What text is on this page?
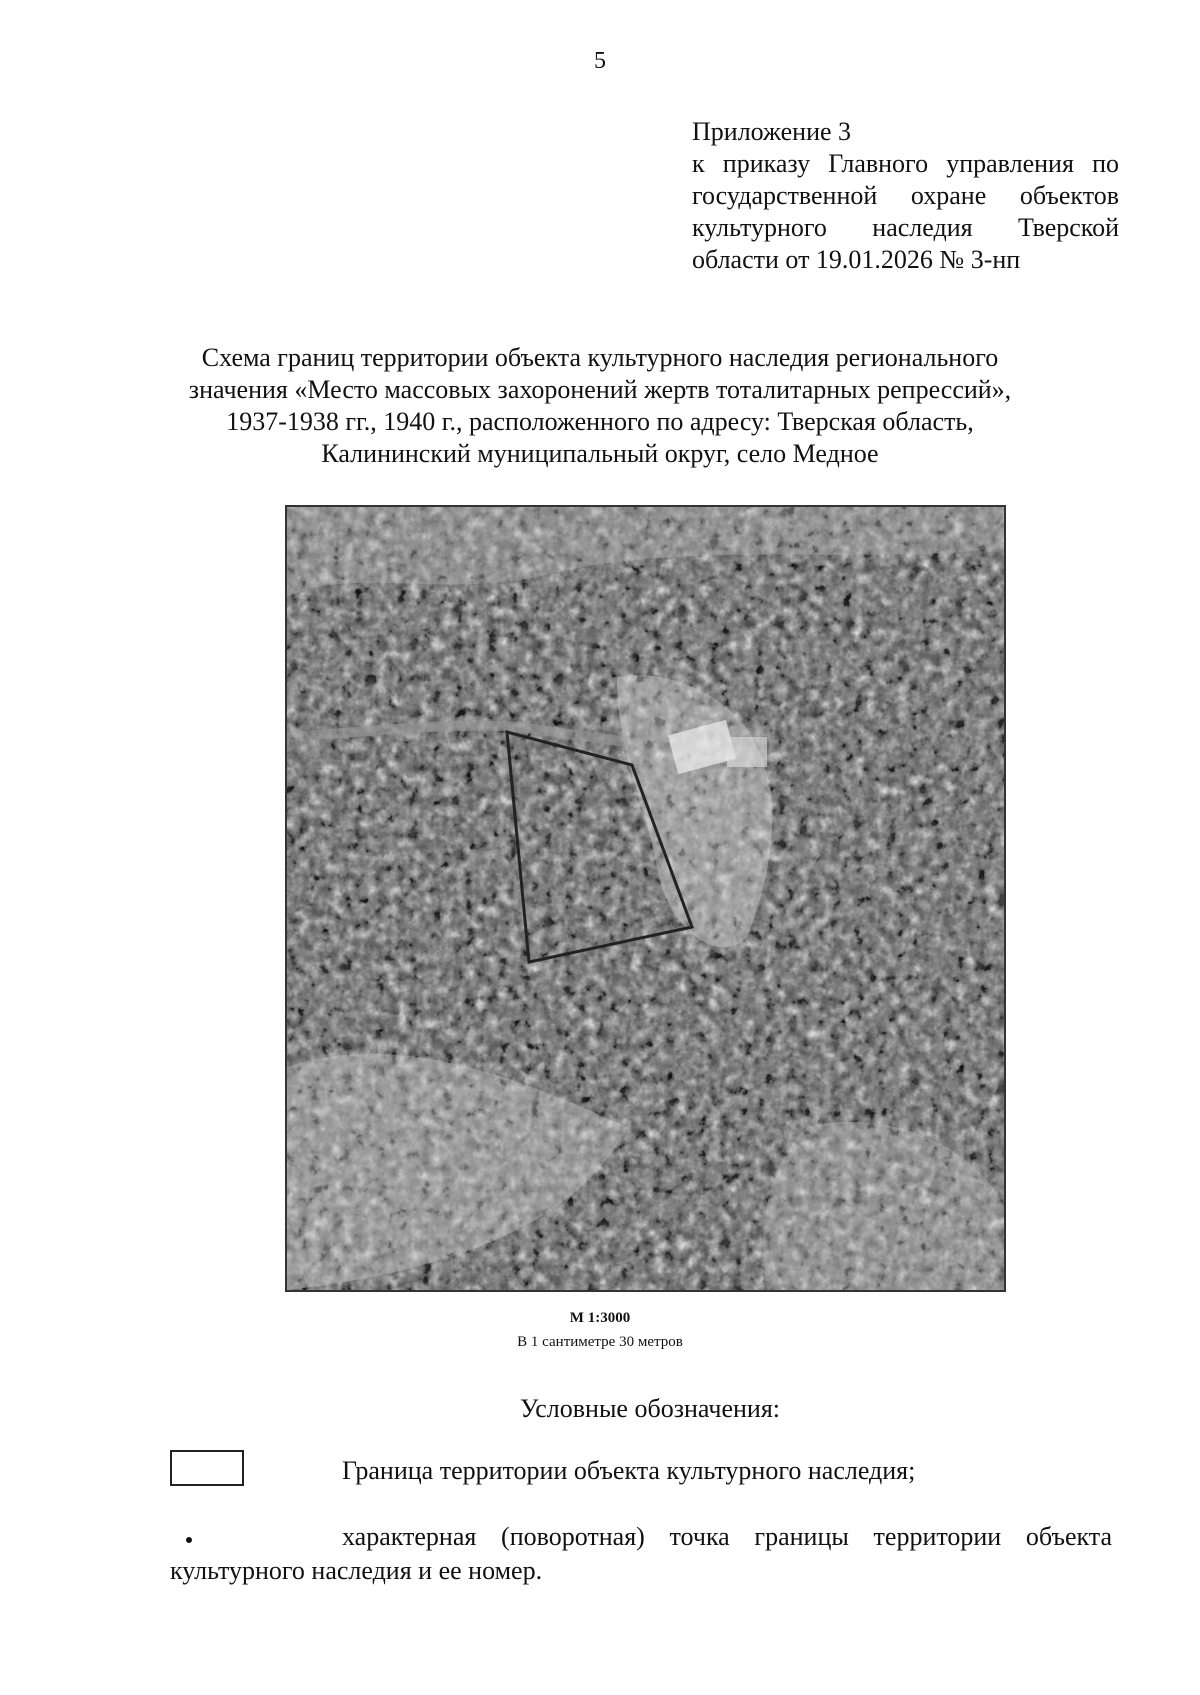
5
Приложение 3
к приказу Главного управления по
государственной охране объектов
культурного наследия Тверской
области от 19.01.2026 № 3-нп
Схема границ территории объекта культурного наследия регионального
значения «Место массовых захоронений жертв тоталитарных репрессий»,
1937-1938 гг., 1940 г., расположенного по адресу: Тверская область,
Калининский муниципальный округ, село Медное
М 1:3000
В 1 сантиметре 30 метров
Условные обозначения:
Граница территории объекта культурного наследия;
характерная (поворотная) точка границы территории объекта
культурного наследия и ее номер.
